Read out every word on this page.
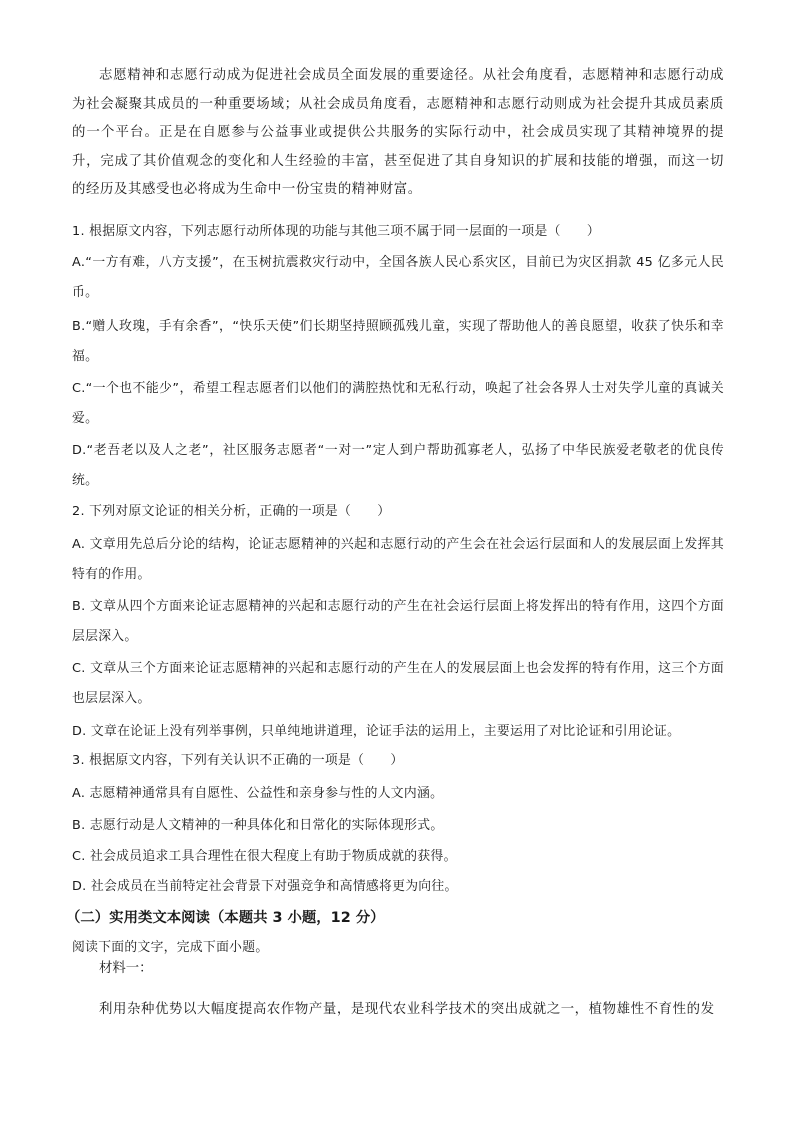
志愿精神和志愿行动成为促进社会成员全面发展的重要途径。从社会角度看，志愿精神和志愿行动成为社会凝聚其成员的一种重要场域；从社会成员角度看，志愿精神和志愿行动则成为社会提升其成员素质的一个平台。正是在自愿参与公益事业或提供公共服务的实际行动中，社会成员实现了其精神境界的提升，完成了其价值观念的变化和人生经验的丰富，甚至促进了其自身知识的扩展和技能的增强，而这一切的经历及其感受也必将成为生命中一份宝贵的精神财富。

1. 根据原文内容，下列志愿行动所体现的功能与其他三项不属于同一层面的一项是（　　）

A.“一方有难，八方支援”，在玉树抗震救灾行动中，全国各族人民心系灾区，目前已为灾区捐款 45 亿多元人民币。

B.“赠人玫瑰，手有余香”，“快乐天使”们长期坚持照顾孤残儿童，实现了帮助他人的善良愿望，收获了快乐和幸福。

C.“一个也不能少”，希望工程志愿者们以他们的满腔热忱和无私行动，唤起了社会各界人士对失学儿童的真诚关爱。

D.“老吾老以及人之老”，社区服务志愿者“一对一”定人到户帮助孤寡老人，弘扬了中华民族爱老敬老的优良传统。

2. 下列对原文论证的相关分析，正确的一项是（　　）

A. 文章用先总后分论的结构，论证志愿精神的兴起和志愿行动的产生会在社会运行层面和人的发展层面上发挥其特有的作用。

B. 文章从四个方面来论证志愿精神的兴起和志愿行动的产生在社会运行层面上将发挥出的特有作用，这四个方面层层深入。

C. 文章从三个方面来论证志愿精神的兴起和志愿行动的产生在人的发展层面上也会发挥的特有作用，这三个方面也层层深入。

D. 文章在论证上没有列举事例，只单纯地讲道理，论证手法的运用上，主要运用了对比论证和引用论证。

3. 根据原文内容，下列有关认识不正确的一项是（　　）

A. 志愿精神通常具有自愿性、公益性和亲身参与性的人文内涵。

B. 志愿行动是人文精神的一种具体化和日常化的实际体现形式。

C. 社会成员追求工具合理性在很大程度上有助于物质成就的获得。

D. 社会成员在当前特定社会背景下对强竞争和高情感将更为向往。

（二）实用类文本阅读（本题共 3 小题，12 分）

阅读下面的文字，完成下面小题。

材料一：

利用杂种优势以大幅度提高农作物产量，是现代农业科学技术的突出成就之一，植物雄性不育性的发
